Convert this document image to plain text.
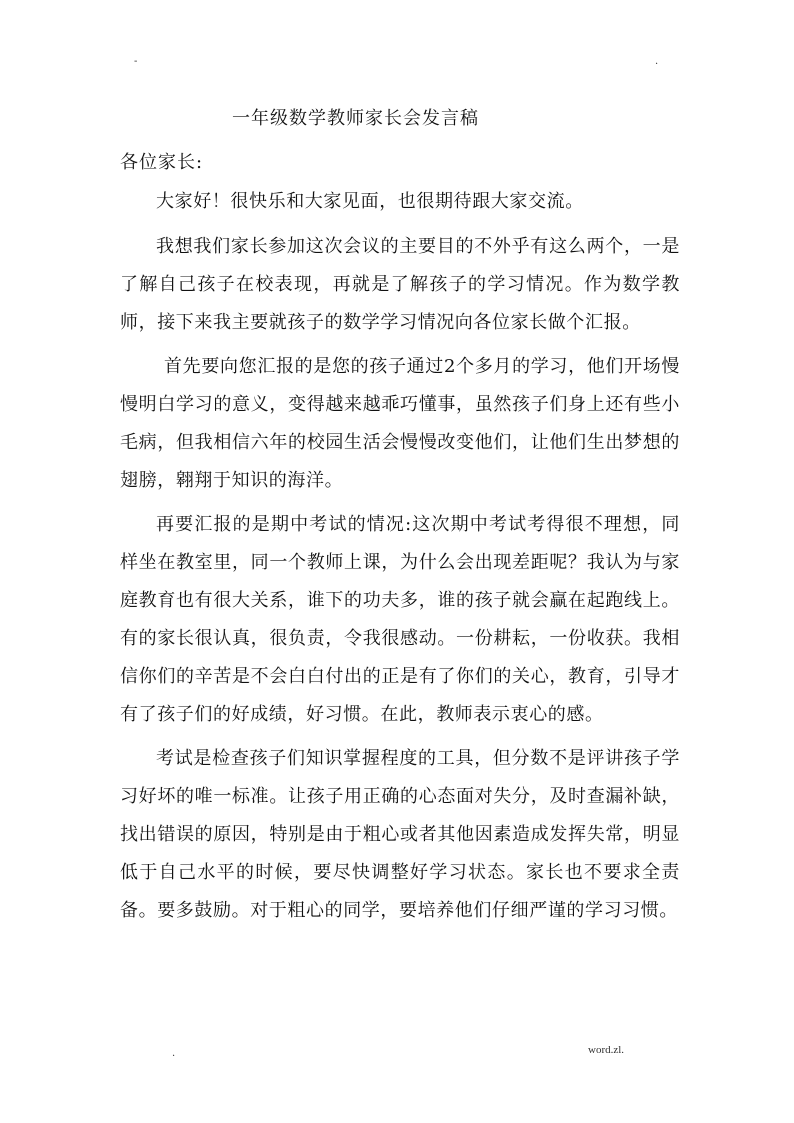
-	.
一年级数学教师家长会发言稿
各位家长:

大家好！很快乐和大家见面，也很期待跟大家交流。

我想我们家长参加这次会议的主要目的不外乎有这么两个，一是了解自己孩子在校表现，再就是了解孩子的学习情况。作为数学教师，接下来我主要就孩子的数学学习情况向各位家长做个汇报。

首先要向您汇报的是您的孩子通过2个多月的学习，他们开场慢慢明白学习的意义，变得越来越乖巧懂事，虽然孩子们身上还有些小毛病，但我相信六年的校园生活会慢慢改变他们，让他们生出梦想的翅膀，翱翔于知识的海洋。

再要汇报的是期中考试的情况:这次期中考试考得很不理想，同样坐在教室里，同一个教师上课，为什么会出现差距呢？我认为与家庭教育也有很大关系，谁下的功夫多，谁的孩子就会赢在起跑线上。有的家长很认真，很负责，令我很感动。一份耕耘，一份收获。我相信你们的辛苦是不会白白付出的正是有了你们的关心，教育，引导才有了孩子们的好成绩，好习惯。在此，教师表示衷心的感。

考试是检查孩子们知识掌握程度的工具，但分数不是评讲孩子学习好坏的唯一标准。让孩子用正确的心态面对失分，及时查漏补缺，找出错误的原因，特别是由于粗心或者其他因素造成发挥失常，明显低于自己水平的时候，要尽快调整好学习状态。家长也不要求全责备。要多鼓励。对于粗心的同学，要培养他们仔细严谨的学习习惯。

.	word.zl.
